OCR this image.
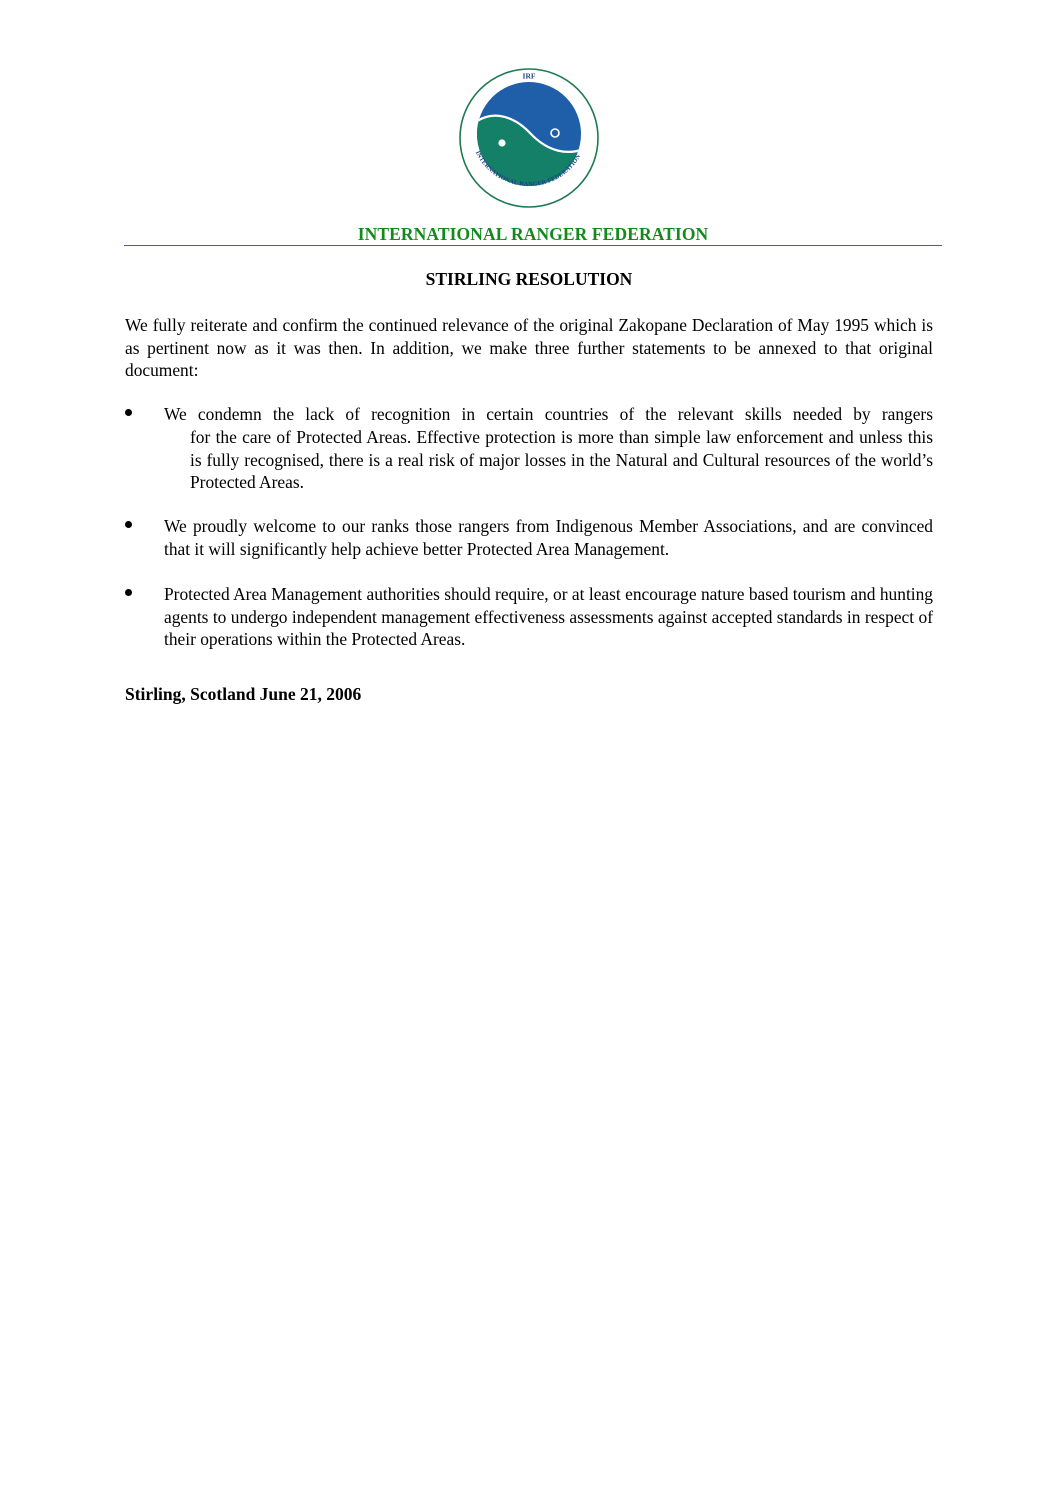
IRF
INTERNATIONAL RANGER FEDERATION
INTERNATIONAL RANGER FEDERATION
STIRLING RESOLUTION
We fully reiterate and confirm the continued relevance of the original Zakopane Declaration of May 1995 which is as pertinent now as it was then. In addition, we make three further statements to be annexed to that original document:
We condemn the lack of recognition in certain countries of the relevant skills needed by rangers
for the care of Protected Areas. Effective protection is more than simple law enforcement and unless this is fully recognised, there is a real risk of major losses in the Natural and Cultural resources of the world’s Protected Areas.
We proudly welcome to our ranks those rangers from Indigenous Member Associations, and are convinced that it will significantly help achieve better Protected Area Management.
Protected Area Management authorities should require, or at least encourage nature based tourism and hunting agents to undergo independent management effectiveness assessments against accepted standards in respect of their operations within the Protected Areas.
Stirling, Scotland June 21, 2006
